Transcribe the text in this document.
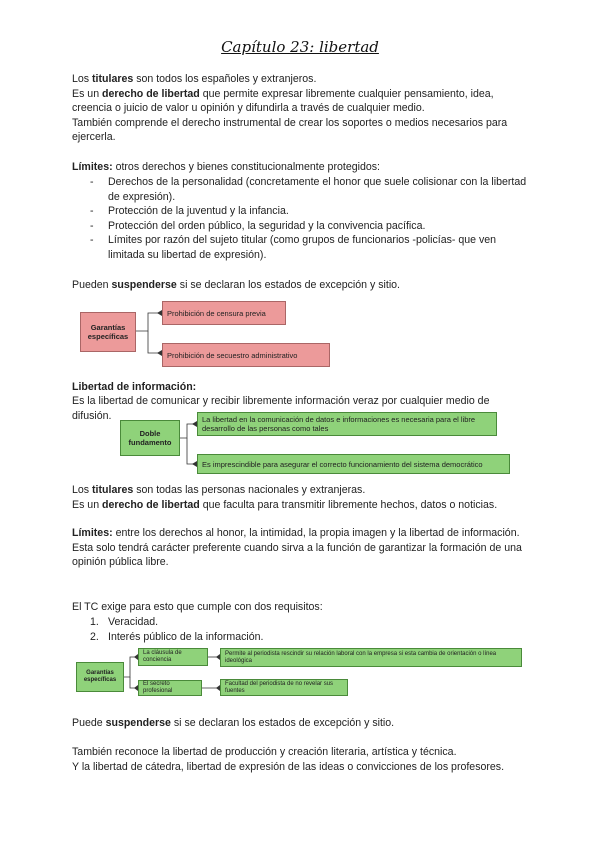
Capítulo 23: libertad

Los titulares son todos los españoles y extranjeros.
Es un derecho de libertad que permite expresar libremente cualquier pensamiento, idea, creencia o juicio de valor u opinión y difundirla a través de cualquier medio.
También comprende el derecho instrumental de crear los soportes o medios necesarios para ejercerla.

Límites: otros derechos y bienes constitucionalmente protegidos:

- Derechos de la personalidad (concretamente el honor que suele colisionar con la libertad de expresión).
- Protección de la juventud y la infancia.
- Protección del orden público, la seguridad y la convivencia pacífica.
- Límites por razón del sujeto titular (como grupos de funcionarios -policías- que ven limitada su libertad de expresión).

Pueden suspenderse si se declaran los estados de excepción y sitio.

Garantías específicas
Prohibición de censura previa
Prohibición de secuestro administrativo

Libertad de información:

Es la libertad de comunicar y recibir libremente información veraz por cualquier medio de difusión.

Doble fundamento
La libertad en la comunicación de datos e informaciones es necesaria para el libre desarrollo de las personas como tales
Es imprescindible para asegurar el correcto funcionamiento del sistema democrático

Los titulares son todas las personas nacionales y extranjeras.
Es un derecho de libertad que faculta para transmitir libremente hechos, datos o noticias.

Límites: entre los derechos al honor, la intimidad, la propia imagen y la libertad de información.
Esta solo tendrá carácter preferente cuando sirva a la función de garantizar la formación de una opinión pública libre.

El TC exige para esto que cumple con dos requisitos:

1. Veracidad.
2. Interés público de la información.
Garantías específicas
La cláusula de conciencia
El secreto profesional
Permite al periodista rescindir su relación laboral con la empresa si esta cambia de orientación o línea ideológica
Facultad del periodista de no revelar sus fuentes

Puede suspenderse si se declaran los estados de excepción y sitio.

También reconoce la libertad de producción y creación literaria, artística y técnica.
Y la libertad de cátedra, libertad de expresión de las ideas o convicciones de los profesores.
